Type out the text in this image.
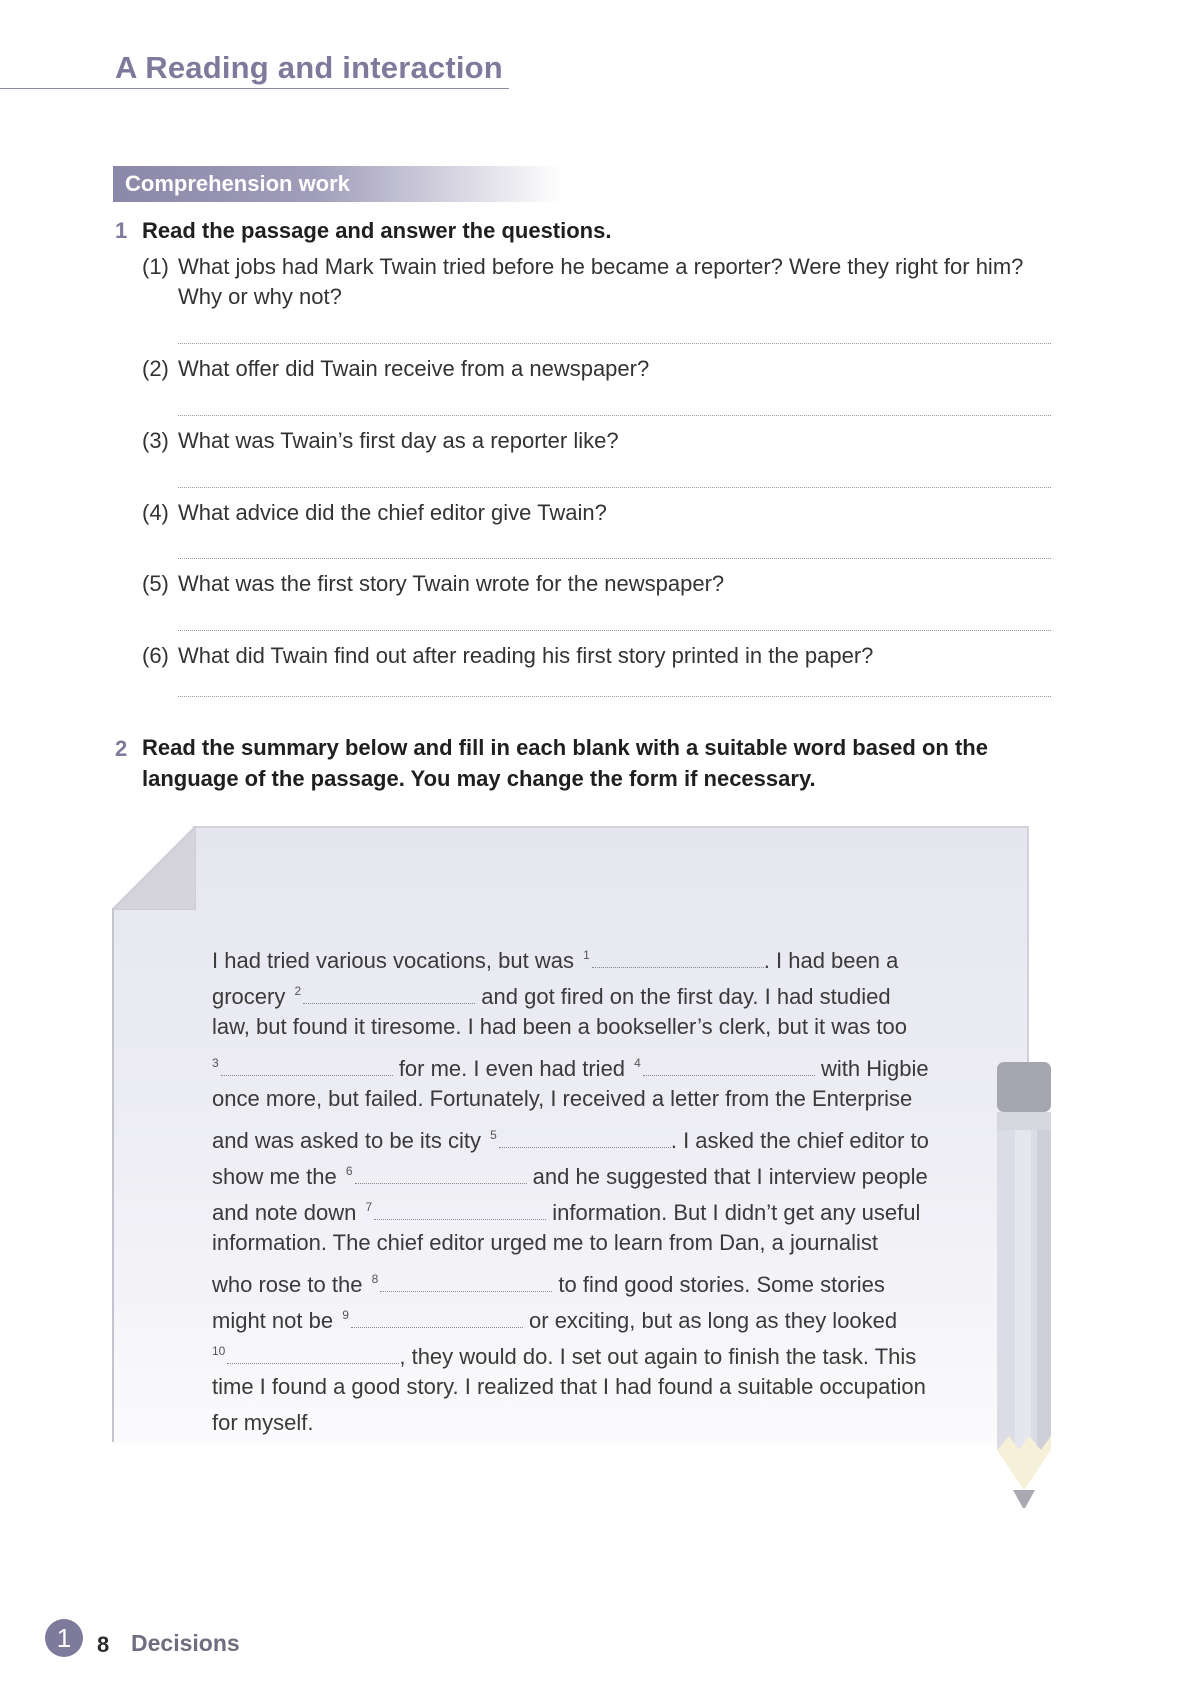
A Reading and interaction
Comprehension work
1 Read the passage and answer the questions.
(1) What jobs had Mark Twain tried before he became a reporter? Were they right for him? Why or why not?
(2) What offer did Twain receive from a newspaper?
(3) What was Twain’s first day as a reporter like?
(4) What advice did the chief editor give Twain?
(5) What was the first story Twain wrote for the newspaper?
(6) What did Twain find out after reading his first story printed in the paper?
2 Read the summary below and fill in each blank with a suitable word based on the language of the passage. You may change the form if necessary.
I had tried various vocations, but was $^1$	. I had been a
grocery $^2$	and got fired on the first day. I had studied
law, but found it tiresome. I had been a bookseller’s clerk, but it was too
$^3$	for me. I even had tried $^4$	with Higbie
once more, but failed. Fortunately, I received a letter from the Enterprise
and was asked to be its city $^5$	. I asked the chief editor to
show me the $^6$	and he suggested that I interview people
and note down $^7$	information. But I didn’t get any useful
information. The chief editor urged me to learn from Dan, a journalist
who rose to the $^8$	to find good stories. Some stories
might not be $^9$	or exciting, but as long as they looked
$^{10}$	, they would do. I set out again to finish the task. This
time I found a good story. I realized that I had found a suitable occupation
for myself.
1	8 Decisions
